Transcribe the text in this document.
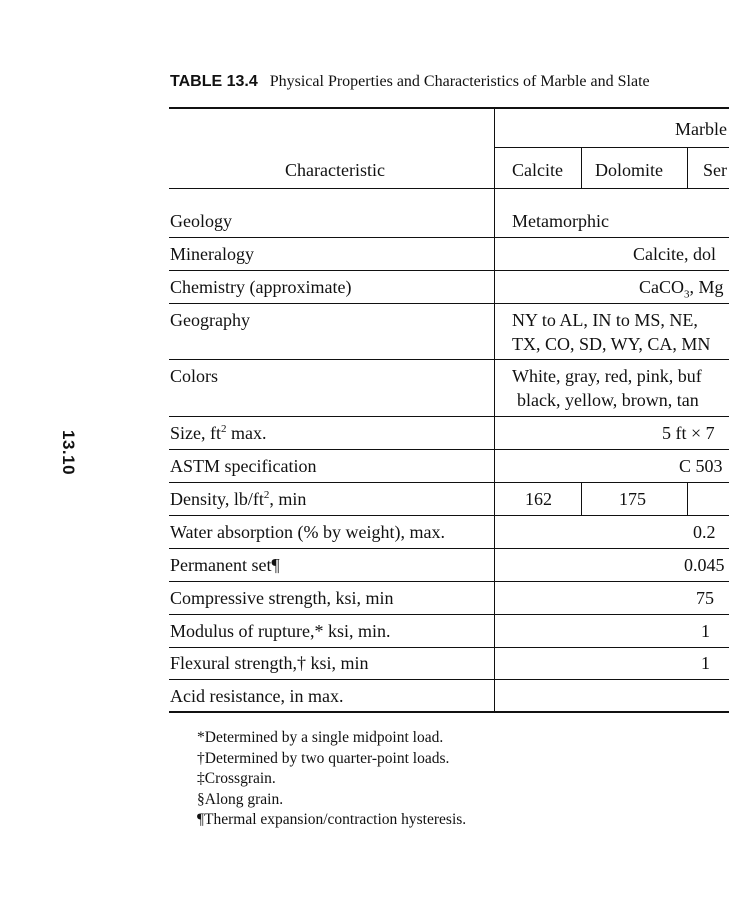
13.10
TABLE 13.4 Physical Properties and Characteristics of Marble and Slate
Characteristic
Marble
Calcite Dolomite Ser
Geology
Mineralogy
Chemistry (approximate)
Geography
Colors
Size, $ft^2$ max.
ASTM specification
Density, $lb/ft^2$, min
Water absorption (% by weight), max.
Permanent set¶
Compressive strength, ksi, min
Modulus of rupture,* ksi, min.
Flexural strength,† ksi, min
Acid resistance, in max.
Metamorphic
Calcite, dol
CaCO$_3$, Mg
NY to AL, IN to MS, NE,
TX, CO, SD, WY, CA, MN
White, gray, red, pink, buf
black, yellow, brown, tan
5 ft × 7
C 503
162	175
0.2
0.045
75
1
1
*Determined by a single midpoint load.
†Determined by two quarter-point loads.
‡Crossgrain.
§Along grain.
¶Thermal expansion/contraction hysteresis.
